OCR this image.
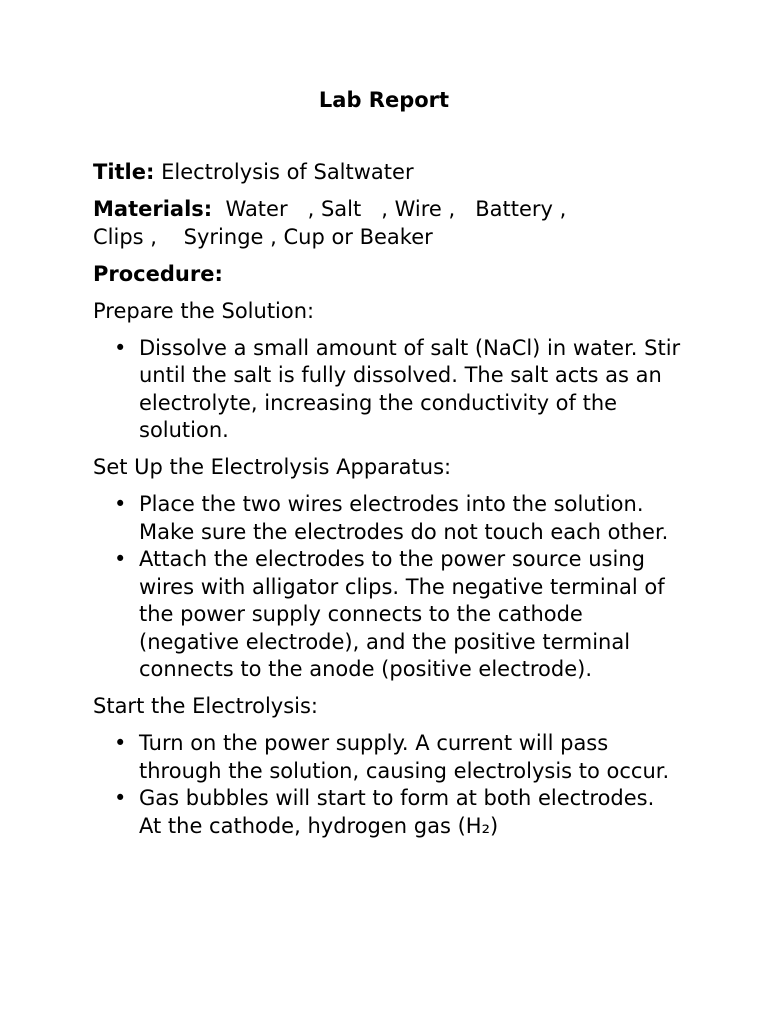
Lab Report

Title: Electrolysis of Saltwater

Materials:  Water   , Salt   , Wire ,   Battery ,
Clips ,    Syringe , Cup or Beaker

Procedure:

Prepare the Solution:

• Dissolve a small amount of salt (NaCl) in water. Stir until the salt is fully dissolved. The salt acts as an electrolyte, increasing the conductivity of the solution.

Set Up the Electrolysis Apparatus:

• Place the two wires electrodes into the solution. Make sure the electrodes do not touch each other.
• Attach the electrodes to the power source using wires with alligator clips. The negative terminal of the power supply connects to the cathode (negative electrode), and the positive terminal connects to the anode (positive electrode).

Start the Electrolysis:

• Turn on the power supply. A current will pass through the solution, causing electrolysis to occur.
• Gas bubbles will start to form at both electrodes. At the cathode, hydrogen gas (H₂)
